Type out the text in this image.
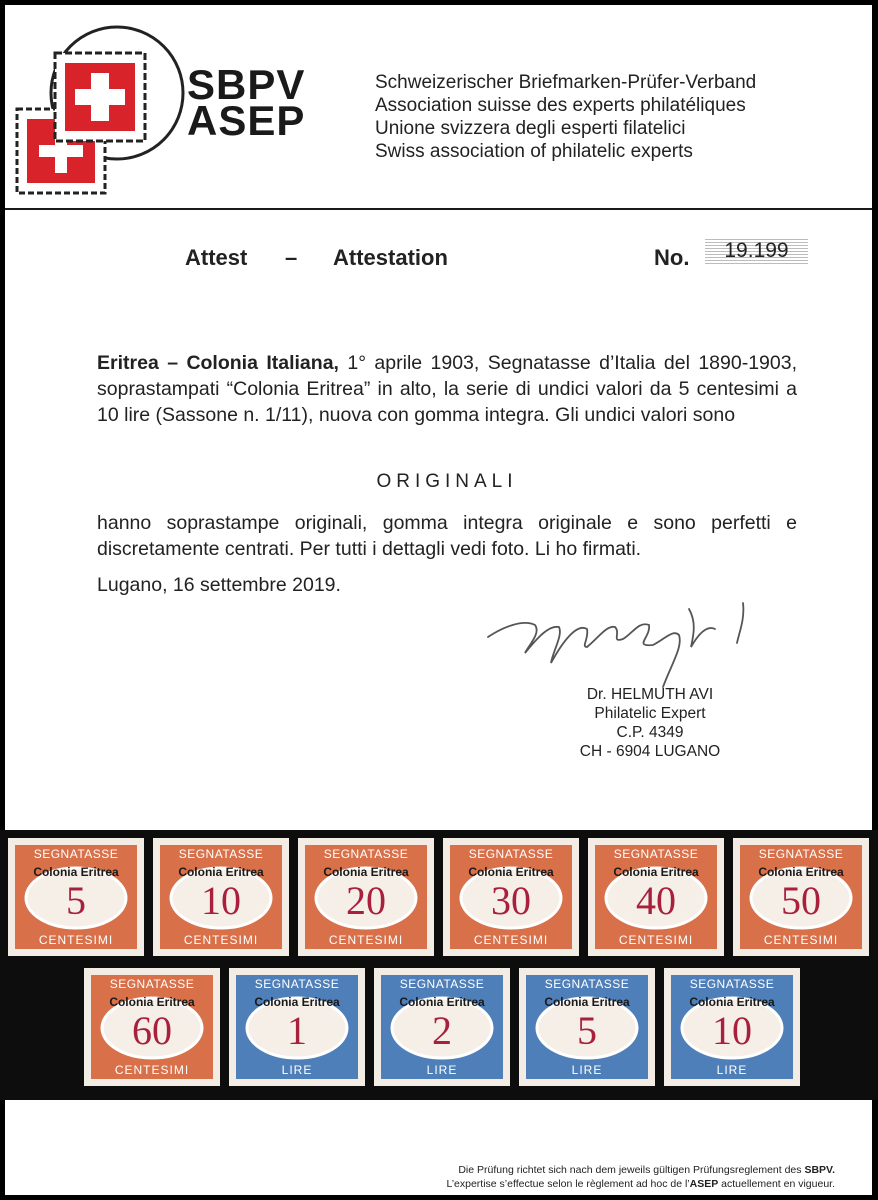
SBPV
ASEP
Schweizerischer Briefmarken-Prüfer-Verband
Association suisse des experts philatéliques
Unione svizzera degli esperti filatelici
Swiss association of philatelic experts
Attest – Attestation	No.	19.199
Eritrea – Colonia Italiana, 1° aprile 1903, Segnatasse d’Italia del 1890-1903, soprastampati “Colonia Eritrea” in alto, la serie di undici valori da 5 centesimi a 10 lire (Sassone n. 1/11), nuova con gomma integra. Gli undici valori sono
ORIGINALI
hanno soprastampe originali, gomma integra originale e sono perfetti e discretamente centrati. Per tutti i dettagli vedi foto. Li ho firmati.
Lugano, 16 settembre 2019.
Dr. HELMUTH AVI
Philatelic Expert
C.P. 4349
CH - 6904 LUGANO
Die Prüfung richtet sich nach dem jeweils gültigen Prüfungsreglement des SBPV.
L’expertise s’effectue selon le règlement ad hoc de l’ASEP actuellement en vigueur.
SEGNATASSE
Colonia Eritrea
5
CENTESIMI
SEGNATASSE
Colonia Eritrea
10
CENTESIMI
SEGNATASSE
Colonia Eritrea
20
CENTESIMI
SEGNATASSE
Colonia Eritrea
30
CENTESIMI
SEGNATASSE
Colonia Eritrea
40
CENTESIMI
SEGNATASSE
Colonia Eritrea
50
CENTESIMI
SEGNATASSE
Colonia Eritrea
60
CENTESIMI
SEGNATASSE
Colonia Eritrea
1
LIRE
SEGNATASSE
Colonia Eritrea
2
LIRE
SEGNATASSE
Colonia Eritrea
5
LIRE
SEGNATASSE
Colonia Eritrea
10
LIRE
